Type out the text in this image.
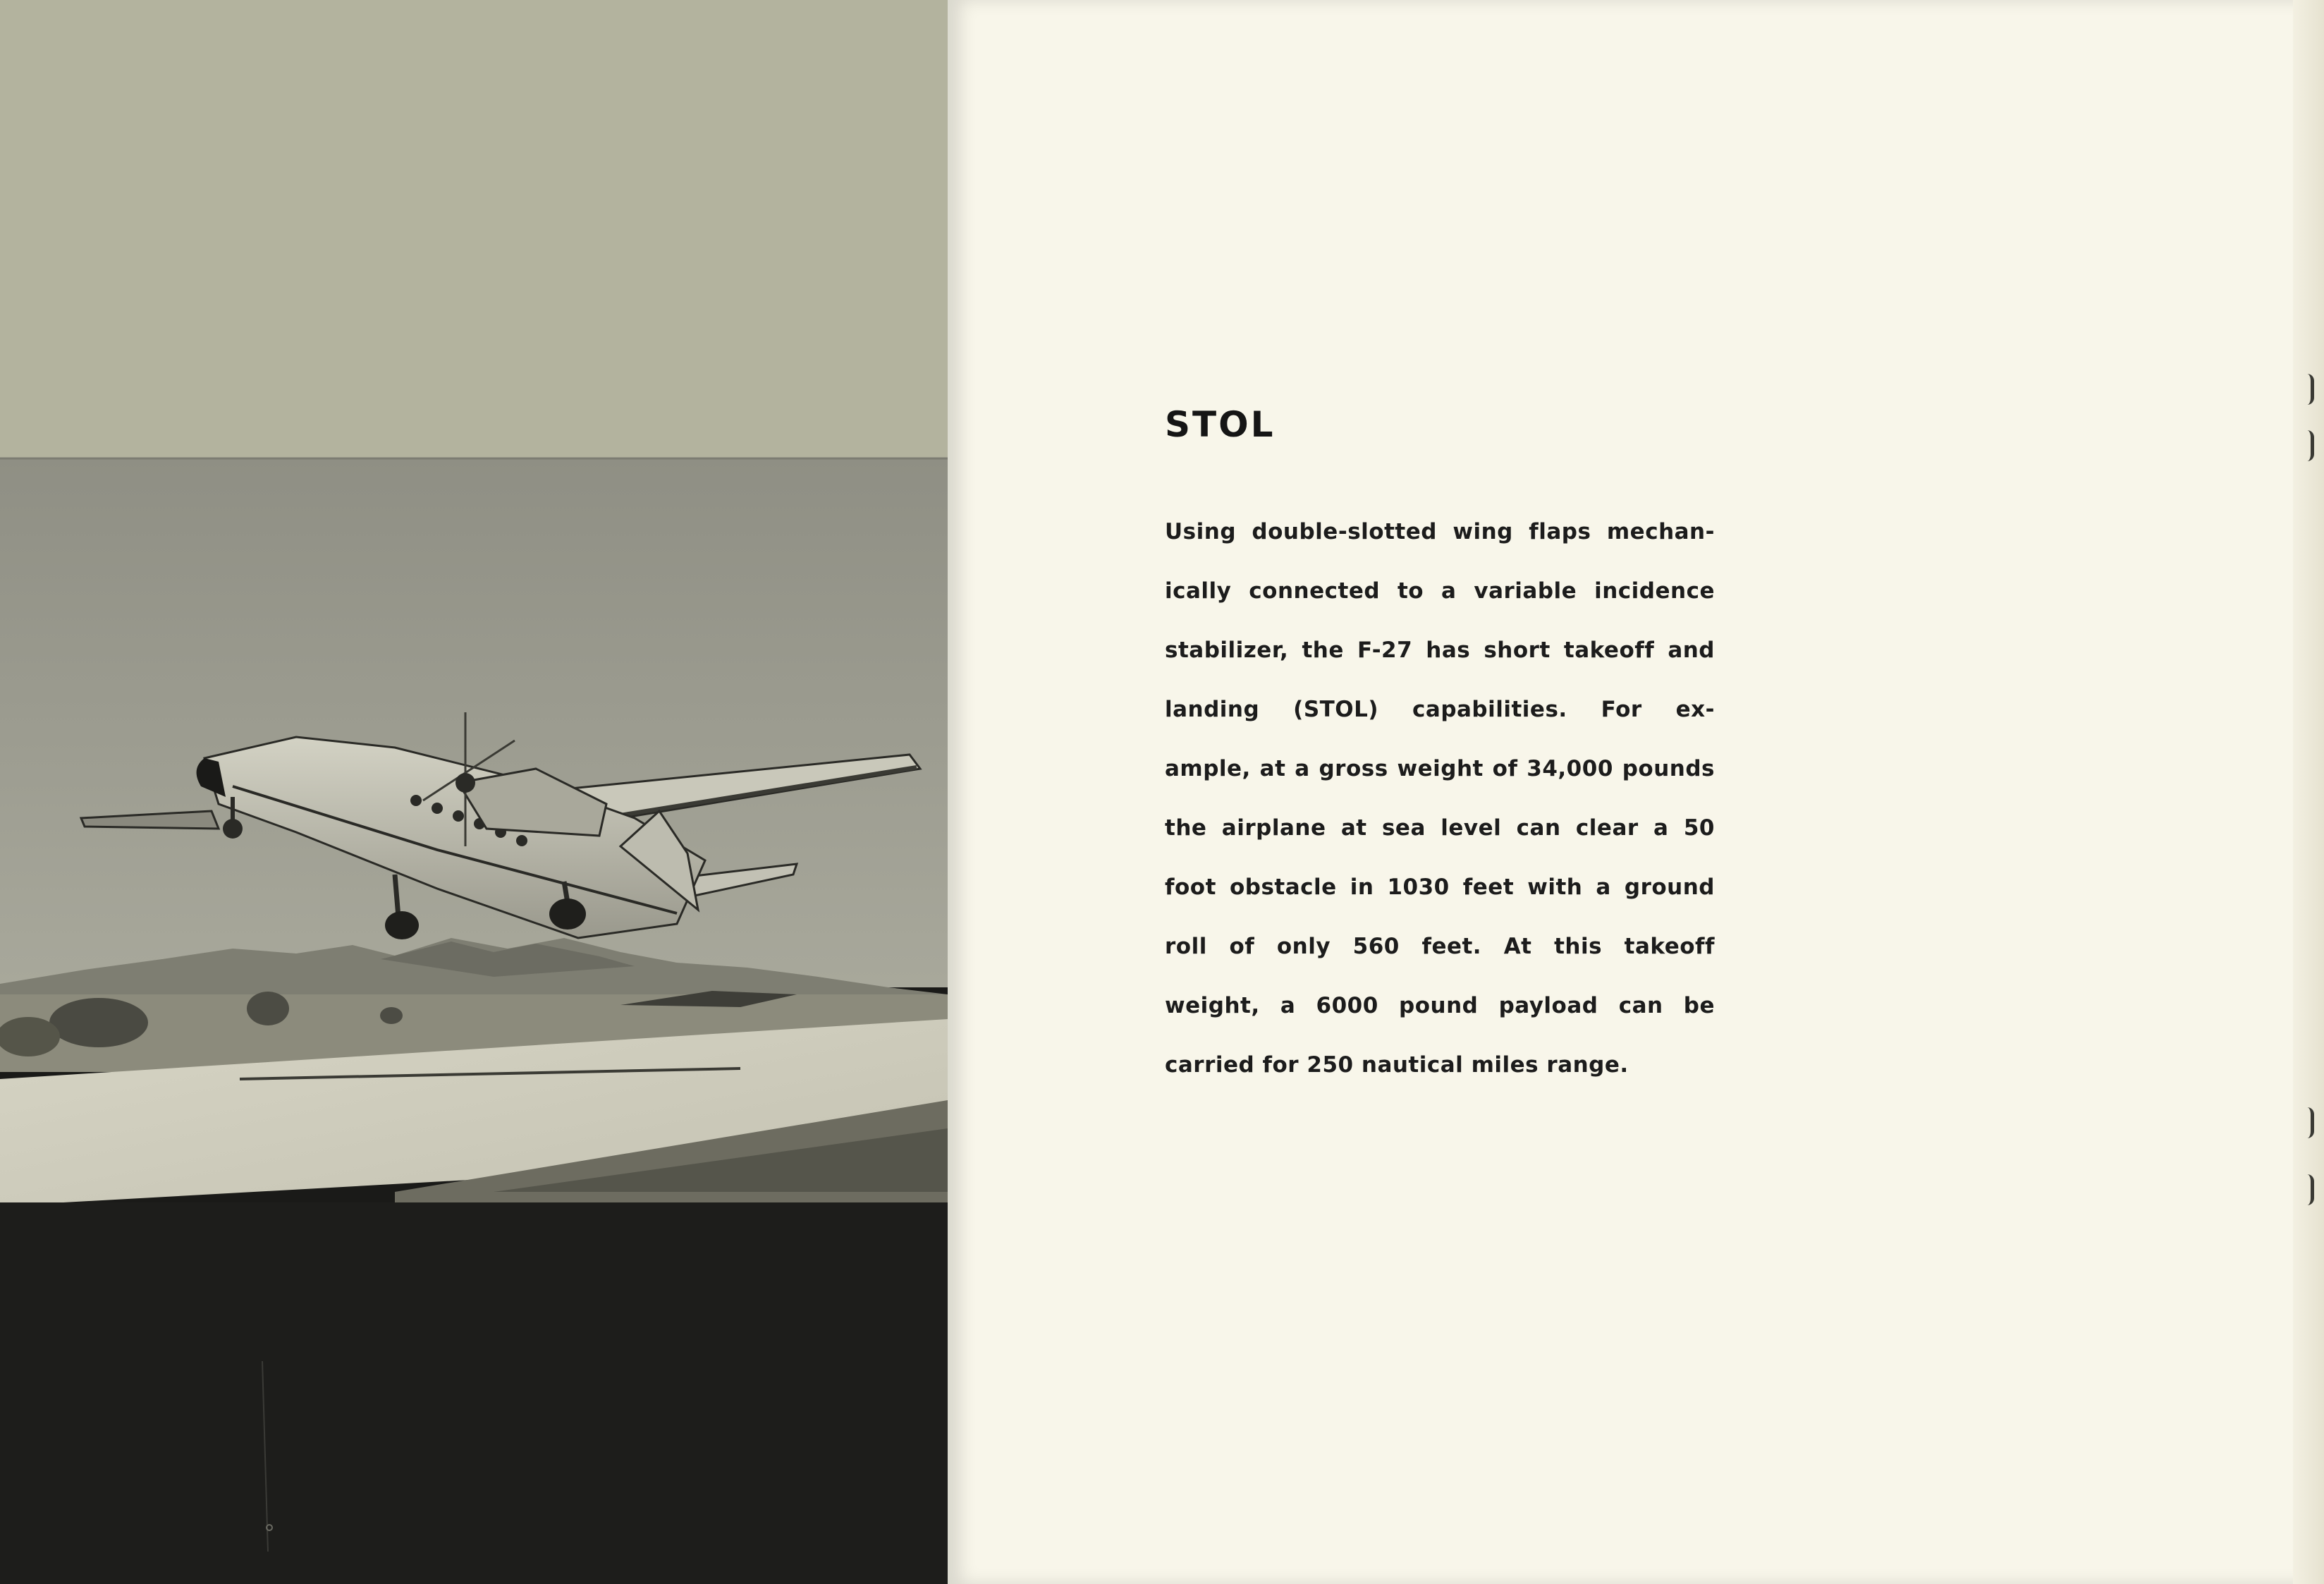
STOL

Using double-slotted wing flaps mechan-
ically connected to a variable incidence
stabilizer, the F-27 has short takeoff and
landing (STOL) capabilities. For ex-
ample, at a gross weight of 34,000 pounds
the airplane at sea level can clear a 50
foot obstacle in 1030 feet with a ground
roll of only 560 feet. At this takeoff
weight, a 6000 pound payload can be
carried for 250 nautical miles range.
